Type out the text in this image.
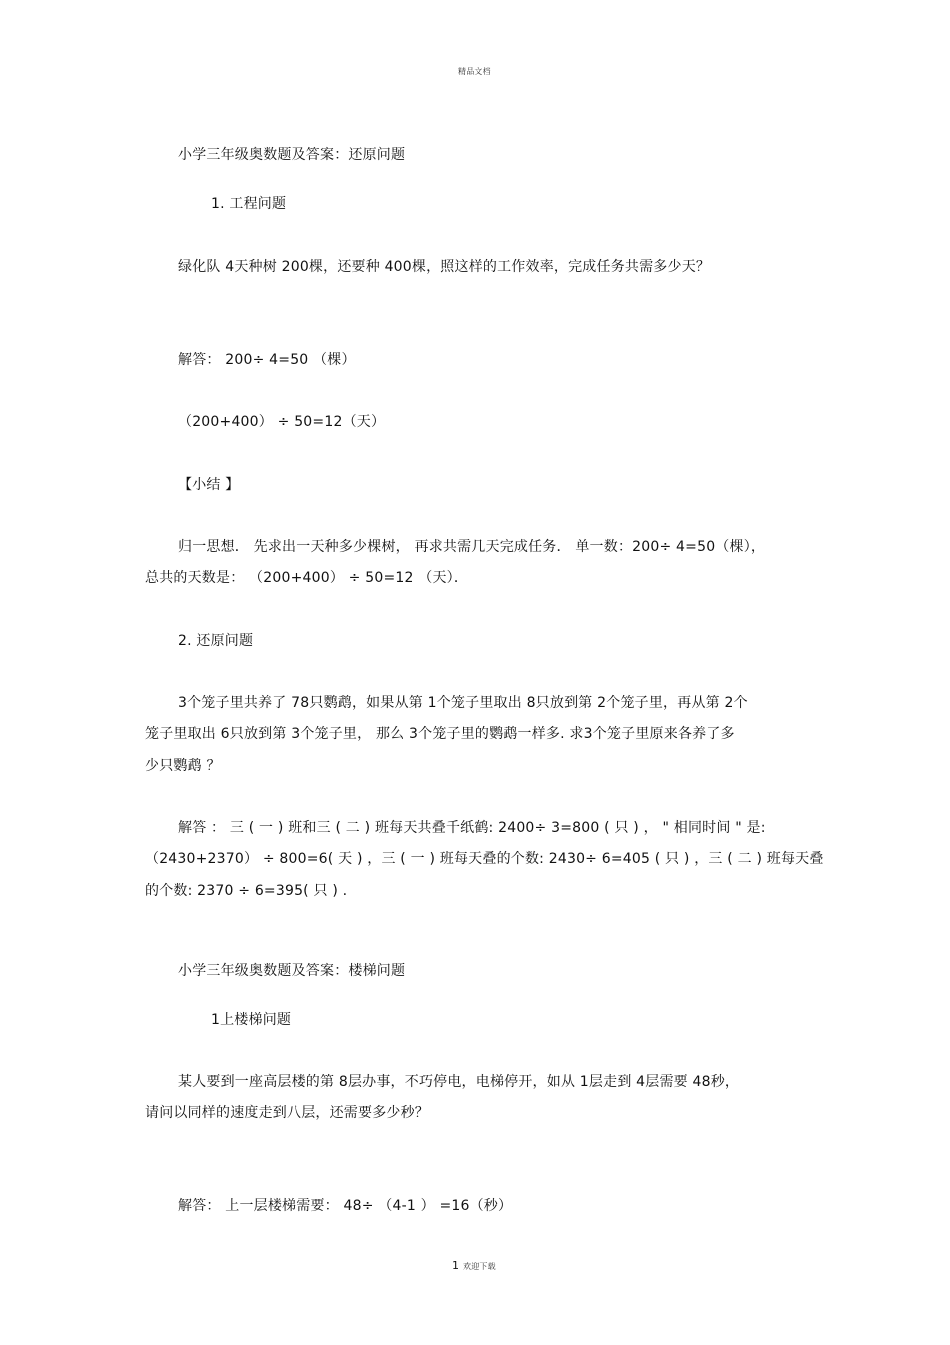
精品文档
小学三年级奥数题及答案：还原问题
1. 工程问题
绿化队 4天种树 200棵，还要种 400棵，照这样的工作效率，完成任务共需多少天？
解答： 200÷ 4=50 （棵）
（200+400） ÷ 50=12（天）
【小结 】
归一思想． 先求出一天种多少棵树， 再求共需几天完成任务． 单一数：200÷ 4=50（棵），
总共的天数是： （200+400） ÷ 50=12 （天）．
2. 还原问题
3个笼子里共养了 78只鹦鹉，如果从第 1个笼子里取出 8只放到第 2个笼子里，再从第 2个
笼子里取出 6只放到第 3个笼子里， 那么 3个笼子里的鹦鹉一样多. 求3个笼子里原来各养了多
少只鹦鹉 ？
解答 ： 三 ( 一 ) 班和三 ( 二 ) 班每天共叠千纸鹤: 2400÷ 3=800 ( 只 ) ， " 相同时间 " 是:
（2430+2370） ÷ 800=6( 天 ) ，三 ( 一 ) 班每天叠的个数: 2430÷ 6=405 ( 只 ) ，三 ( 二 ) 班每天叠
的个数: 2370 ÷ 6=395( 只 ) .
小学三年级奥数题及答案：楼梯问题
1上楼梯问题
某人要到一座高层楼的第 8层办事，不巧停电，电梯停开，如从 1层走到 4层需要 48秒，
请问以同样的速度走到八层，还需要多少秒？
解答： 上一层楼梯需要： 48÷ （4-1 ） =16（秒）
1 欢迎下载
